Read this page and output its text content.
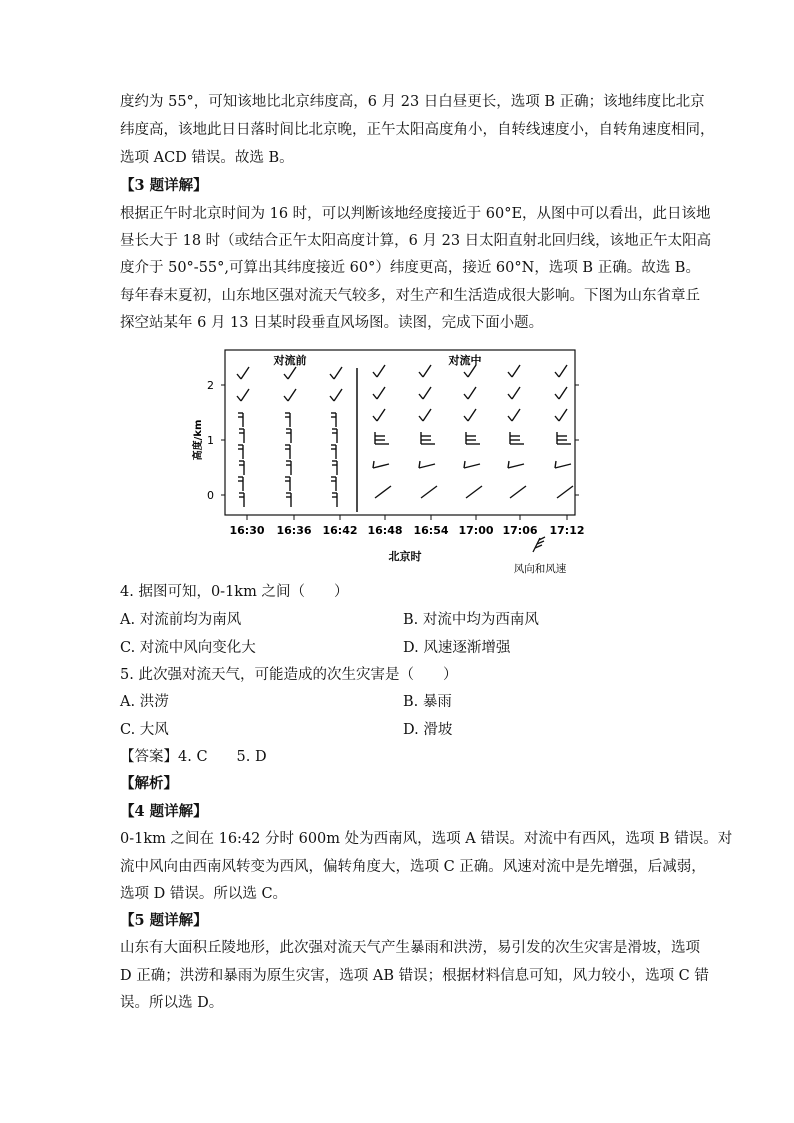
度约为 55°，可知该地比北京纬度高，6 月 23 日白昼更长，选项 B 正确；该地纬度比北京
纬度高，该地此日日落时间比北京晚，正午太阳高度角小，自转线速度小，自转角速度相同，
选项 ACD 错误。故选 B。
【3 题详解】
根据正午时北京时间为 16 时，可以判断该地经度接近于 60°E，从图中可以看出，此日该地
昼长大于 18 时（或结合正午太阳高度计算，6 月 23 日太阳直射北回归线，该地正午太阳高
度介于 50°-55°,可算出其纬度接近 60°）纬度更高，接近 60°N，选项 B 正确。故选 B。
每年春末夏初，山东地区强对流天气较多，对生产和生活造成很大影响。下图为山东省章丘
探空站某年 6 月 13 日某时段垂直风场图。读图，完成下面小题。
对流前	对流中
2
1
0
高度/km
16:30 16:36 16:42 16:48 16:54 17:00 17:06 17:12
北京时
风向和风速
4. 据图可知，0-1km 之间（　　）
A. 对流前均为南风	B. 对流中均为西南风
C. 对流中风向变化大	D. 风速逐渐增强
5. 此次强对流天气，可能造成的次生灾害是（　　）
A. 洪涝	B. 暴雨
C. 大风	D. 滑坡
【答案】4. C　　5. D
【解析】
【4 题详解】
0-1km 之间在 16:42 分时 600m 处为西南风，选项 A 错误。对流中有西风，选项 B 错误。对
流中风向由西南风转变为西风，偏转角度大，选项 C 正确。风速对流中是先增强，后减弱，
选项 D 错误。所以选 C。
【5 题详解】
山东有大面积丘陵地形，此次强对流天气产生暴雨和洪涝，易引发的次生灾害是滑坡，选项
D 正确；洪涝和暴雨为原生灾害，选项 AB 错误；根据材料信息可知，风力较小，选项 C 错
误。所以选 D。
